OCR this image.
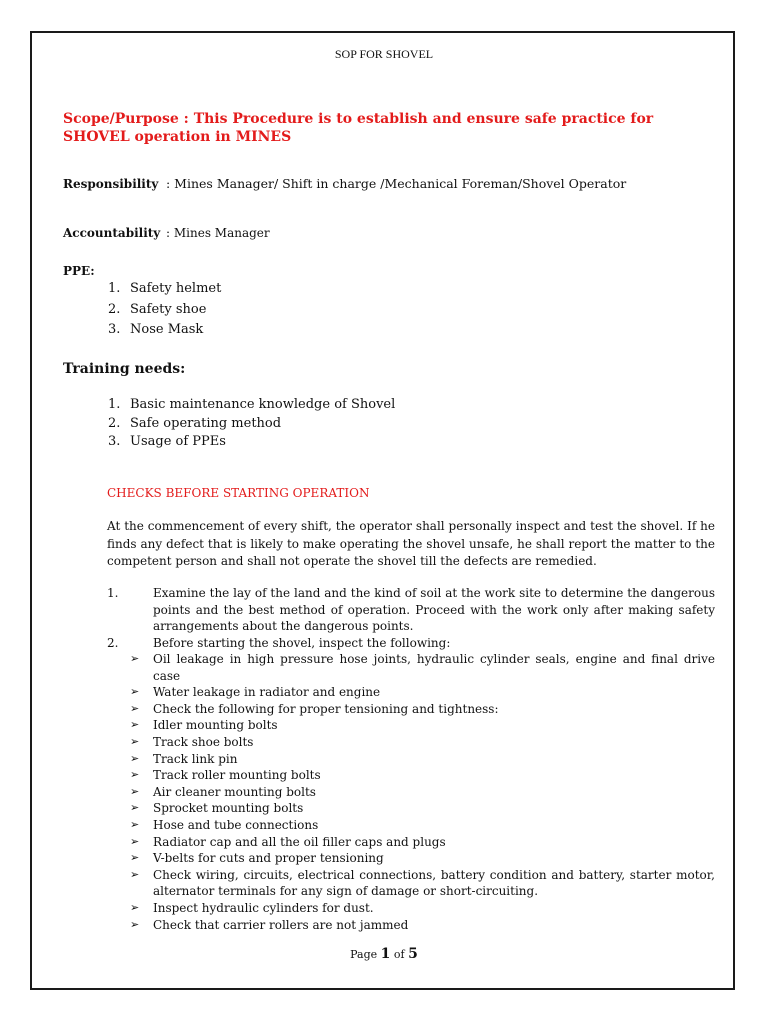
SOP FOR SHOVEL
Scope/Purpose : This Procedure is to establish and ensure safe practice for SHOVEL operation in MINES
Responsibility : Mines Manager/ Shift in charge /Mechanical Foreman/Shovel Operator
Accountability : Mines Manager
PPE:
1. Safety helmet
2. Safety shoe
3. Nose Mask
Training needs:
1. Basic maintenance knowledge of Shovel
2. Safe operating method
3. Usage of PPEs
CHECKS BEFORE STARTING OPERATION
At the commencement of every shift, the operator shall personally inspect and test the shovel. If he finds any defect that is likely to make operating the shovel unsafe, he shall report the matter to the competent person and shall not operate the shovel till the defects are remedied.
1.	Examine the lay of the land and the kind of soil at the work site to determine the dangerous points and the best method of operation. Proceed with the work only after making safety arrangements about the dangerous points.
2.	Before starting the shovel, inspect the following:
➢	Oil leakage in high pressure hose joints, hydraulic cylinder seals, engine and final drive case
➢	Water leakage in radiator and engine
➢	Check the following for proper tensioning and tightness:
➢	Idler mounting bolts
➢	Track shoe bolts
➢	Track link pin
➢	Track roller mounting bolts
➢	Air cleaner mounting bolts
➢	Sprocket mounting bolts
➢	Hose and tube connections
➢	Radiator cap and all the oil filler caps and plugs
➢	V-belts for cuts and proper tensioning
➢	Check wiring, circuits, electrical connections, battery condition and battery, starter motor, alternator terminals for any sign of damage or short-circuiting.
➢	Inspect hydraulic cylinders for dust.
➢	Check that carrier rollers are not jammed
Page 1 of 5
